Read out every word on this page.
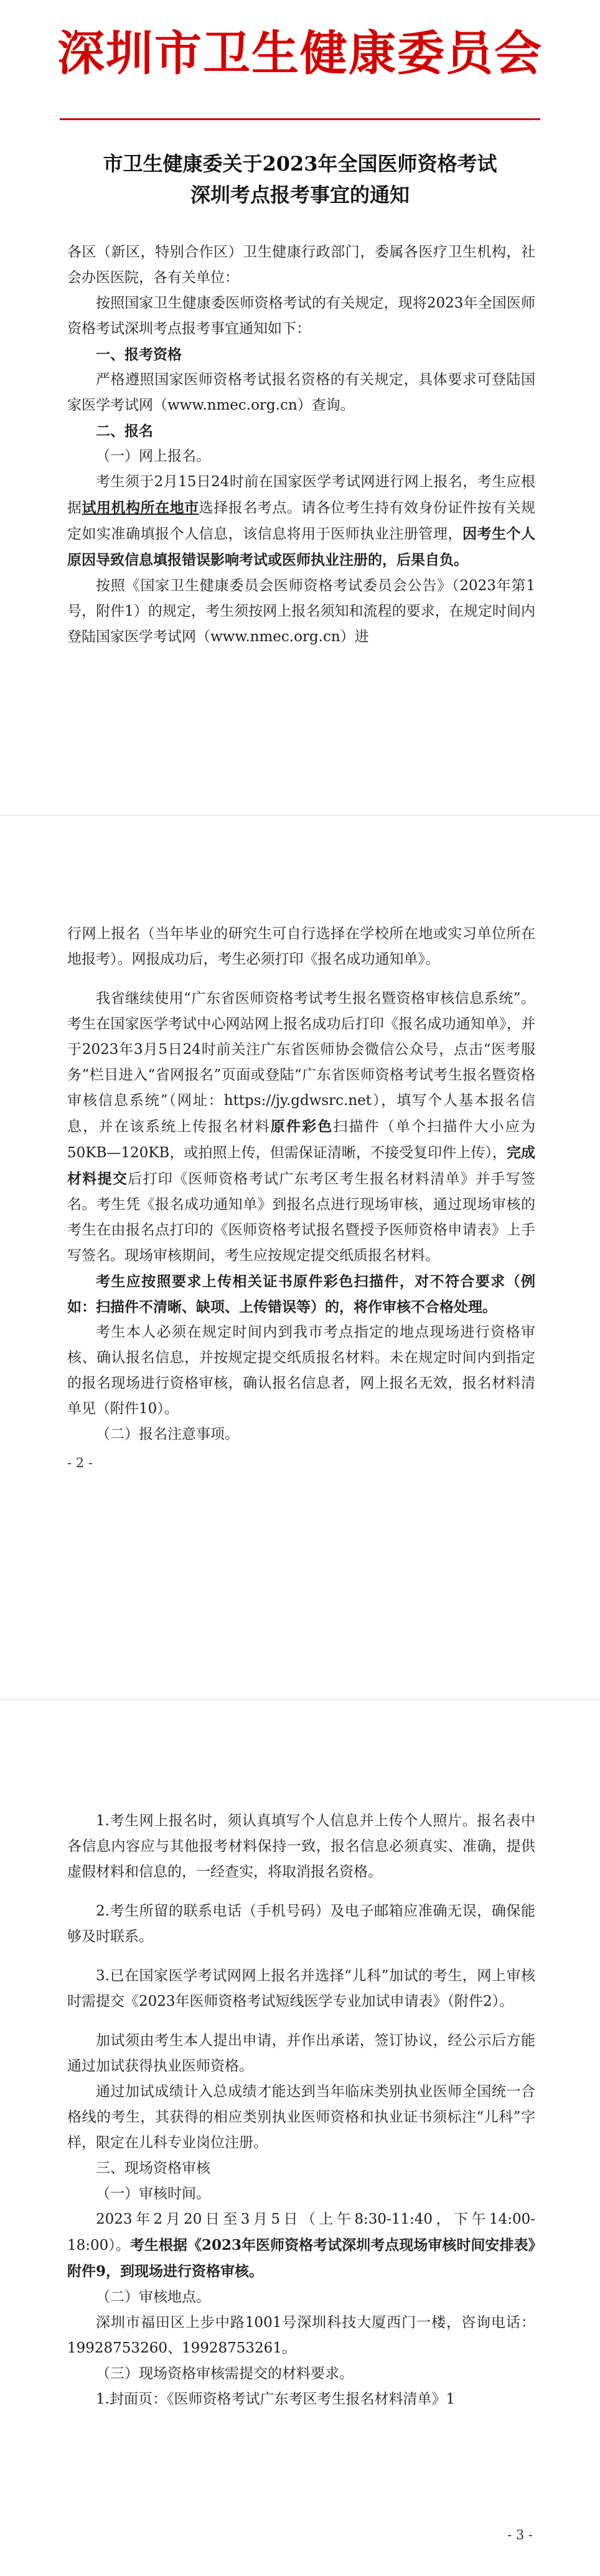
深圳市卫生健康委员会
市卫生健康委关于2023年全国医师资格考试
深圳考点报考事宜的通知

各区（新区，特别合作区）卫生健康行政部门，委属各医疗卫生机构，社会办医医院，各有关单位：

按照国家卫生健康委医师资格考试的有关规定，现将2023年全国医师资格考试深圳考点报考事宜通知如下：

一、报考资格

严格遵照国家医师资格考试报名资格的有关规定，具体要求可登陆国家医学考试网（www.nmec.org.cn）查询。

二、报名

（一）网上报名。

考生须于2月15日24时前在国家医学考试网进行网上报名，考生应根据试用机构所在地市选择报名考点。请各位考生持有效身份证件按有关规定如实准确填报个人信息，该信息将用于医师执业注册管理，因考生个人原因导致信息填报错误影响考试或医师执业注册的，后果自负。

按照《国家卫生健康委员会医师资格考试委员会公告》（2023年第1号，附件1）的规定，考生须按网上报名须知和流程的要求，在规定时间内登陆国家医学考试网（www.nmec.org.cn）进

行网上报名（当年毕业的研究生可自行选择在学校所在地或实习单位所在地报考）。网报成功后，考生必须打印《报名成功通知单》。

我省继续使用“广东省医师资格考试考生报名暨资格审核信息系统”。考生在国家医学考试中心网站网上报名成功后打印《报名成功通知单》，并于2023年3月5日24时前关注广东省医师协会微信公众号，点击“医考服务”栏目进入“省网报名”页面或登陆“广东省医师资格考试考生报名暨资格审核信息系统”（网址：https://jy.gdwsrc.net），填写个人基本报名信息，并在该系统上传报名材料原件彩色扫描件（单个扫描件大小应为50KB—120KB，或拍照上传，但需保证清晰，不接受复印件上传），完成材料提交后打印《医师资格考试广东考区考生报名材料清单》并手写签名。考生凭《报名成功通知单》到报名点进行现场审核，通过现场审核的考生在由报名点打印的《医师资格考试报名暨授予医师资格申请表》上手写签名。现场审核期间，考生应按规定提交纸质报名材料。

考生应按照要求上传相关证书原件彩色扫描件，对不符合要求（例如：扫描件不清晰、缺项、上传错误等）的，将作审核不合格处理。

考生本人必须在规定时间内到我市考点指定的地点现场进行资格审核、确认报名信息，并按规定提交纸质报名材料。未在规定时间内到指定的报名现场进行资格审核，确认报名信息者，网上报名无效，报名材料清单见（附件10）。

（二）报名注意事项。

- 2 -

1.考生网上报名时，须认真填写个人信息并上传个人照片。报名表中各信息内容应与其他报考材料保持一致，报名信息必须真实、准确，提供虚假材料和信息的，一经查实，将取消报名资格。

2.考生所留的联系电话（手机号码）及电子邮箱应准确无误，确保能够及时联系。

3.已在国家医学考试网网上报名并选择“儿科”加试的考生，网上审核时需提交《2023年医师资格考试短线医学专业加试申请表》（附件2）。

加试须由考生本人提出申请，并作出承诺，签订协议，经公示后方能通过加试获得执业医师资格。

通过加试成绩计入总成绩才能达到当年临床类别执业医师全国统一合格线的考生，其获得的相应类别执业医师资格和执业证书须标注“儿科”字样，限定在儿科专业岗位注册。

三、现场资格审核

（一）审核时间。

2023年2月20日至3月5日（上午8:30-11:40，下午14:00-18:00）。考生根据《2023年医师资格考试深圳考点现场审核时间安排表》附件9，到现场进行资格审核。

（二）审核地点。

深圳市福田区上步中路1001号深圳科技大厦西门一楼，咨询电话：19928753260、19928753261。

（三）现场资格审核需提交的材料要求。

1.封面页：《医师资格考试广东考区考生报名材料清单》1

- 3 -
